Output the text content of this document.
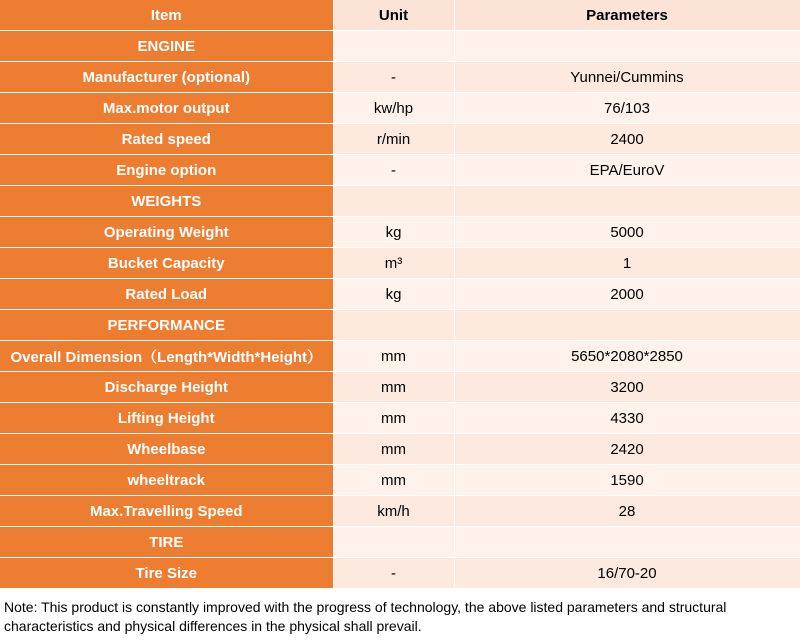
Item	Unit	Parameters
ENGINE		
Manufacturer (optional)	-	Yunnei/Cummins
Max.motor output	kw/hp	76/103
Rated speed	r/min	2400
Engine option	-	EPA/EuroV
WEIGHTS		
Operating Weight	kg	5000
Bucket Capacity	m³	1
Rated Load	kg	2000
PERFORMANCE		
Overall Dimension（Length*Width*Height）	mm	5650*2080*2850
Discharge Height	mm	3200
Lifting Height	mm	4330
Wheelbase	mm	2420
wheeltrack	mm	1590
Max.Travelling Speed	km/h	28
TIRE		
Tire Size	-	16/70-20
Note: This product is constantly improved with the progress of technology, the above listed parameters and structural characteristics and physical differences in the physical shall prevail.
